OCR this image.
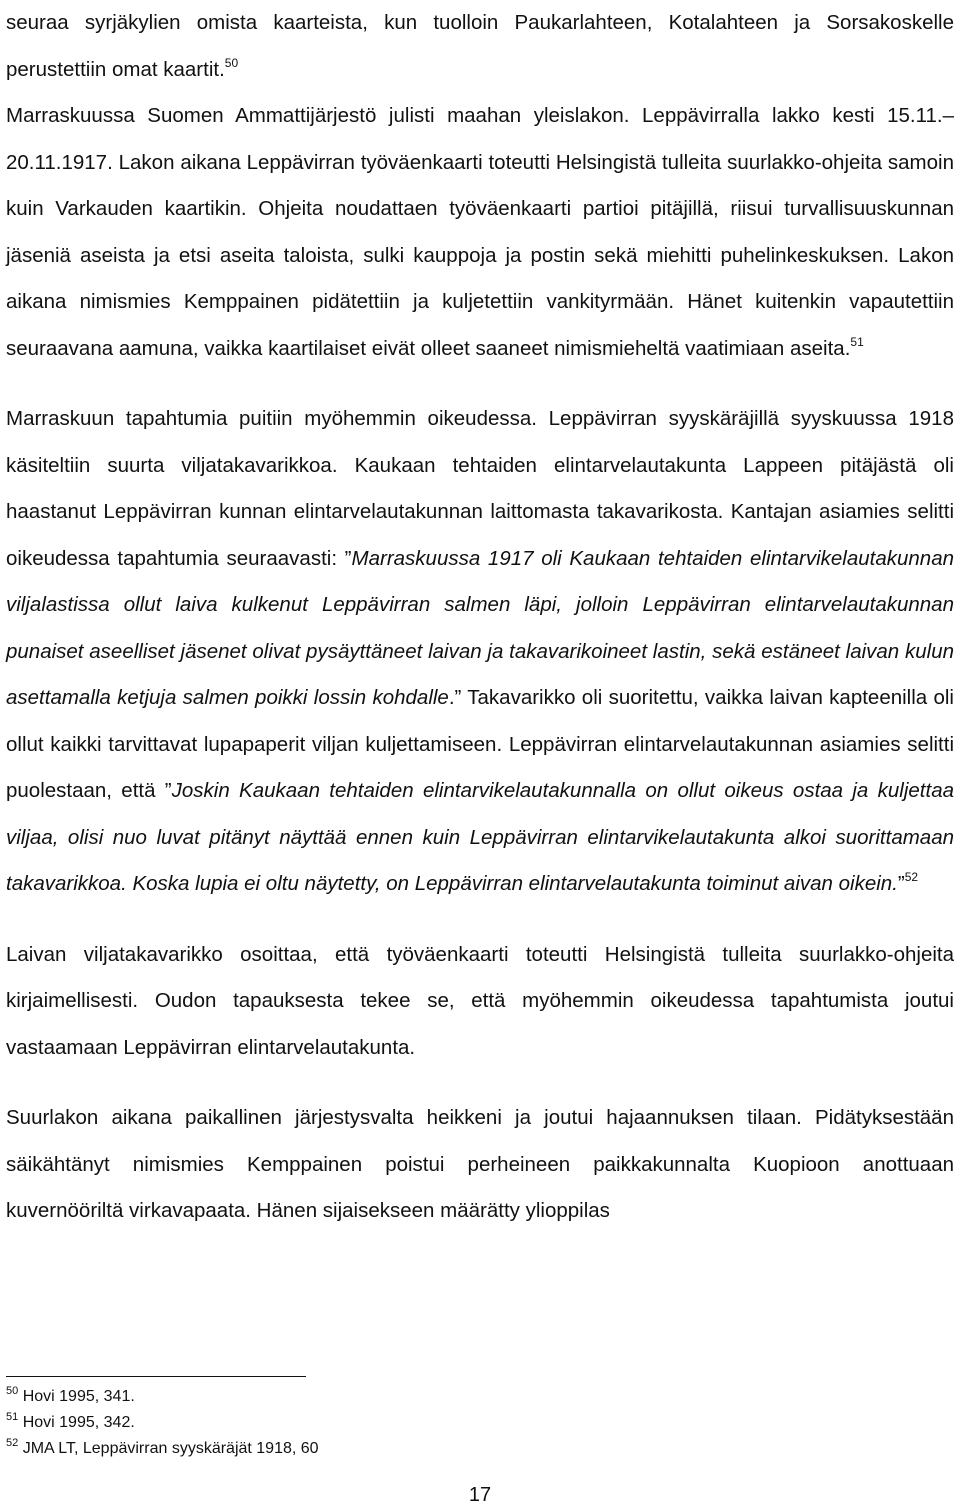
seuraa syrjäkylien omista kaarteista, kun tuolloin Paukarlahteen, Kotalahteen ja Sorsakoskelle perustettiin omat kaartit.$^{50}$

Marraskuussa Suomen Ammattijärjestö julisti maahan yleislakon. Leppävirralla lakko kesti 15.11.–20.11.1917. Lakon aikana Leppävirran työväenkaarti toteutti Helsingistä tulleita suurlakko-ohjeita samoin kuin Varkauden kaartikin. Ohjeita noudattaen työväenkaarti partioi pitäjillä, riisui turvallisuuskunnan jäseniä aseista ja etsi aseita taloista, sulki kauppoja ja postin sekä miehitti puhelinkeskuksen. Lakon aikana nimismies Kemppainen pidätettiin ja kuljetettiin vankityrmään. Hänet kuitenkin vapautettiin seuraavana aamuna, vaikka kaartilaiset eivät olleet saaneet nimismieheltä vaatimiaan aseita.$^{51}$

Marraskuun tapahtumia puitiin myöhemmin oikeudessa. Leppävirran syyskäräjillä syyskuussa 1918 käsiteltiin suurta viljatakavarikkoa. Kaukaan tehtaiden elintarvelautakunta Lappeen pitäjästä oli haastanut Leppävirran kunnan elintarvelautakunnan laittomasta takavarikosta. Kantajan asiamies selitti oikeudessa tapahtumia seuraavasti: ”Marraskuussa 1917 oli Kaukaan tehtaiden elintarvikelautakunnan viljalastissa ollut laiva kulkenut Leppävirran salmen läpi, jolloin Leppävirran elintarvelautakunnan punaiset aseelliset jäsenet olivat pysäyttäneet laivan ja takavarikoineet lastin, sekä estäneet laivan kulun asettamalla ketjuja salmen poikki lossin kohdalle.” Takavarikko oli suoritettu, vaikka laivan kapteenilla oli ollut kaikki tarvittavat lupapaperit viljan kuljettamiseen. Leppävirran elintarvelautakunnan asiamies selitti puolestaan, että ”Joskin Kaukaan tehtaiden elintarvikelautakunnalla on ollut oikeus ostaa ja kuljettaa viljaa, olisi nuo luvat pitänyt näyttää ennen kuin Leppävirran elintarvikelautakunta alkoi suorittamaan takavarikkoa. Koska lupia ei oltu näytetty, on Leppävirran elintarvelautakunta toiminut aivan oikein.”$^{52}$

Laivan viljatakavarikko osoittaa, että työväenkaarti toteutti Helsingistä tulleita suurlakko-ohjeita kirjaimellisesti. Oudon tapauksesta tekee se, että myöhemmin oikeudessa tapahtumista joutui vastaamaan Leppävirran elintarvelautakunta.

Suurlakon aikana paikallinen järjestysvalta heikkeni ja joutui hajaannuksen tilaan. Pidätyksestään säikähtänyt nimismies Kemppainen poistui perheineen paikkakunnalta Kuopioon anottuaan kuvernööriltä virkavapaata. Hänen sijaisekseen määrätty ylioppilas

$^{50}$ Hovi 1995, 341.
$^{51}$ Hovi 1995, 342.
$^{52}$ JMA LT, Leppävirran syyskäräjät 1918, 60
17
